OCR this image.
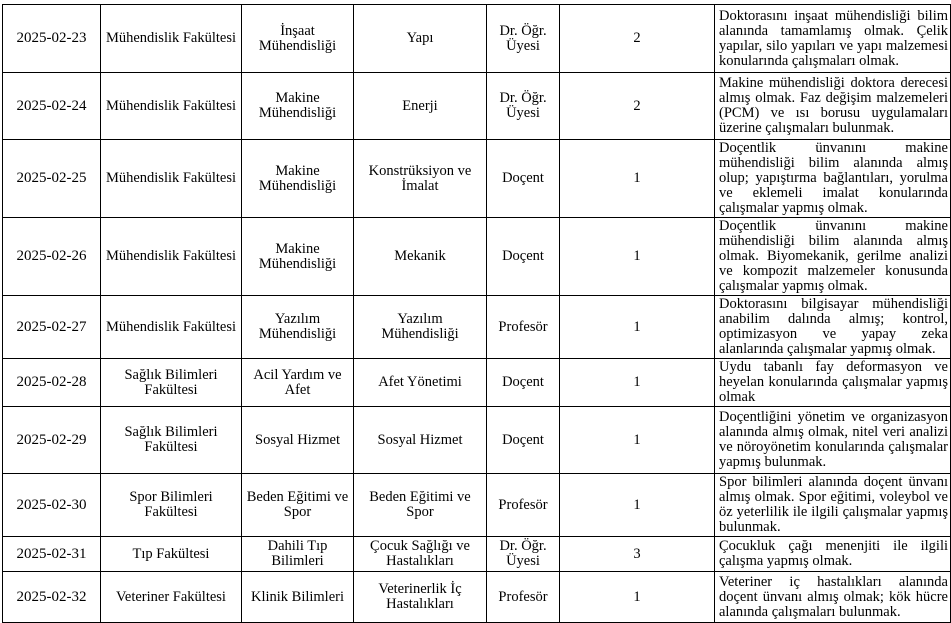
2025-02-23	Mühendislik Fakültesi	İnşaat Mühendisliği	Yapı	Dr. Öğr. Üyesi	2	Doktorasını inşaat mühendisliği bilim alanında tamamlamış olmak. Çelik yapılar, silo yapıları ve yapı malzemesi konularında çalışmaları olmak.
2025-02-24	Mühendislik Fakültesi	Makine Mühendisliği	Enerji	Dr. Öğr. Üyesi	2	Makine mühendisliği doktora derecesi almış olmak. Faz değişim malzemeleri (PCM) ve ısı borusu uygulamaları üzerine çalışmaları bulunmak.
2025-02-25	Mühendislik Fakültesi	Makine Mühendisliği	Konstrüksiyon ve İmalat	Doçent	1	Doçentlik ünvanını makine mühendisliği bilim alanında almış olup; yapıştırma bağlantıları, yorulma ve eklemeli imalat konularında çalışmalar yapmış olmak.
2025-02-26	Mühendislik Fakültesi	Makine Mühendisliği	Mekanik	Doçent	1	Doçentlik ünvanını makine mühendisliği bilim alanında almış olmak. Biyomekanik, gerilme analizi ve kompozit malzemeler konusunda çalışmalar yapmış olmak.
2025-02-27	Mühendislik Fakültesi	Yazılım Mühendisliği	Yazılım Mühendisliği	Profesör	1	Doktorasını bilgisayar mühendisliği anabilim dalında almış; kontrol, optimizasyon ve yapay zeka alanlarında çalışmalar yapmış olmak.
2025-02-28	Sağlık Bilimleri Fakültesi	Acil Yardım ve Afet	Afet Yönetimi	Doçent	1	Uydu tabanlı fay deformasyon ve heyelan konularında çalışmalar yapmış olmak
2025-02-29	Sağlık Bilimleri Fakültesi	Sosyal Hizmet	Sosyal Hizmet	Doçent	1	Doçentliğini yönetim ve organizasyon alanında almış olmak, nitel veri analizi ve nöroyönetim konularında çalışmalar yapmış bulunmak.
2025-02-30	Spor Bilimleri Fakültesi	Beden Eğitimi ve Spor	Beden Eğitimi ve Spor	Profesör	1	Spor bilimleri alanında doçent ünvanı almış olmak. Spor eğitimi, voleybol ve öz yeterlilik ile ilgili çalışmalar yapmış bulunmak.
2025-02-31	Tıp Fakültesi	Dahili Tıp Bilimleri	Çocuk Sağlığı ve Hastalıkları	Dr. Öğr. Üyesi	3	Çocukluk çağı menenjiti ile ilgili çalışma yapmış olmak.
2025-02-32	Veteriner Fakültesi	Klinik Bilimleri	Veterinerlik İç Hastalıkları	Profesör	1	Veteriner iç hastalıkları alanında doçent ünvanı almış olmak; kök hücre alanında çalışmaları bulunmak.
